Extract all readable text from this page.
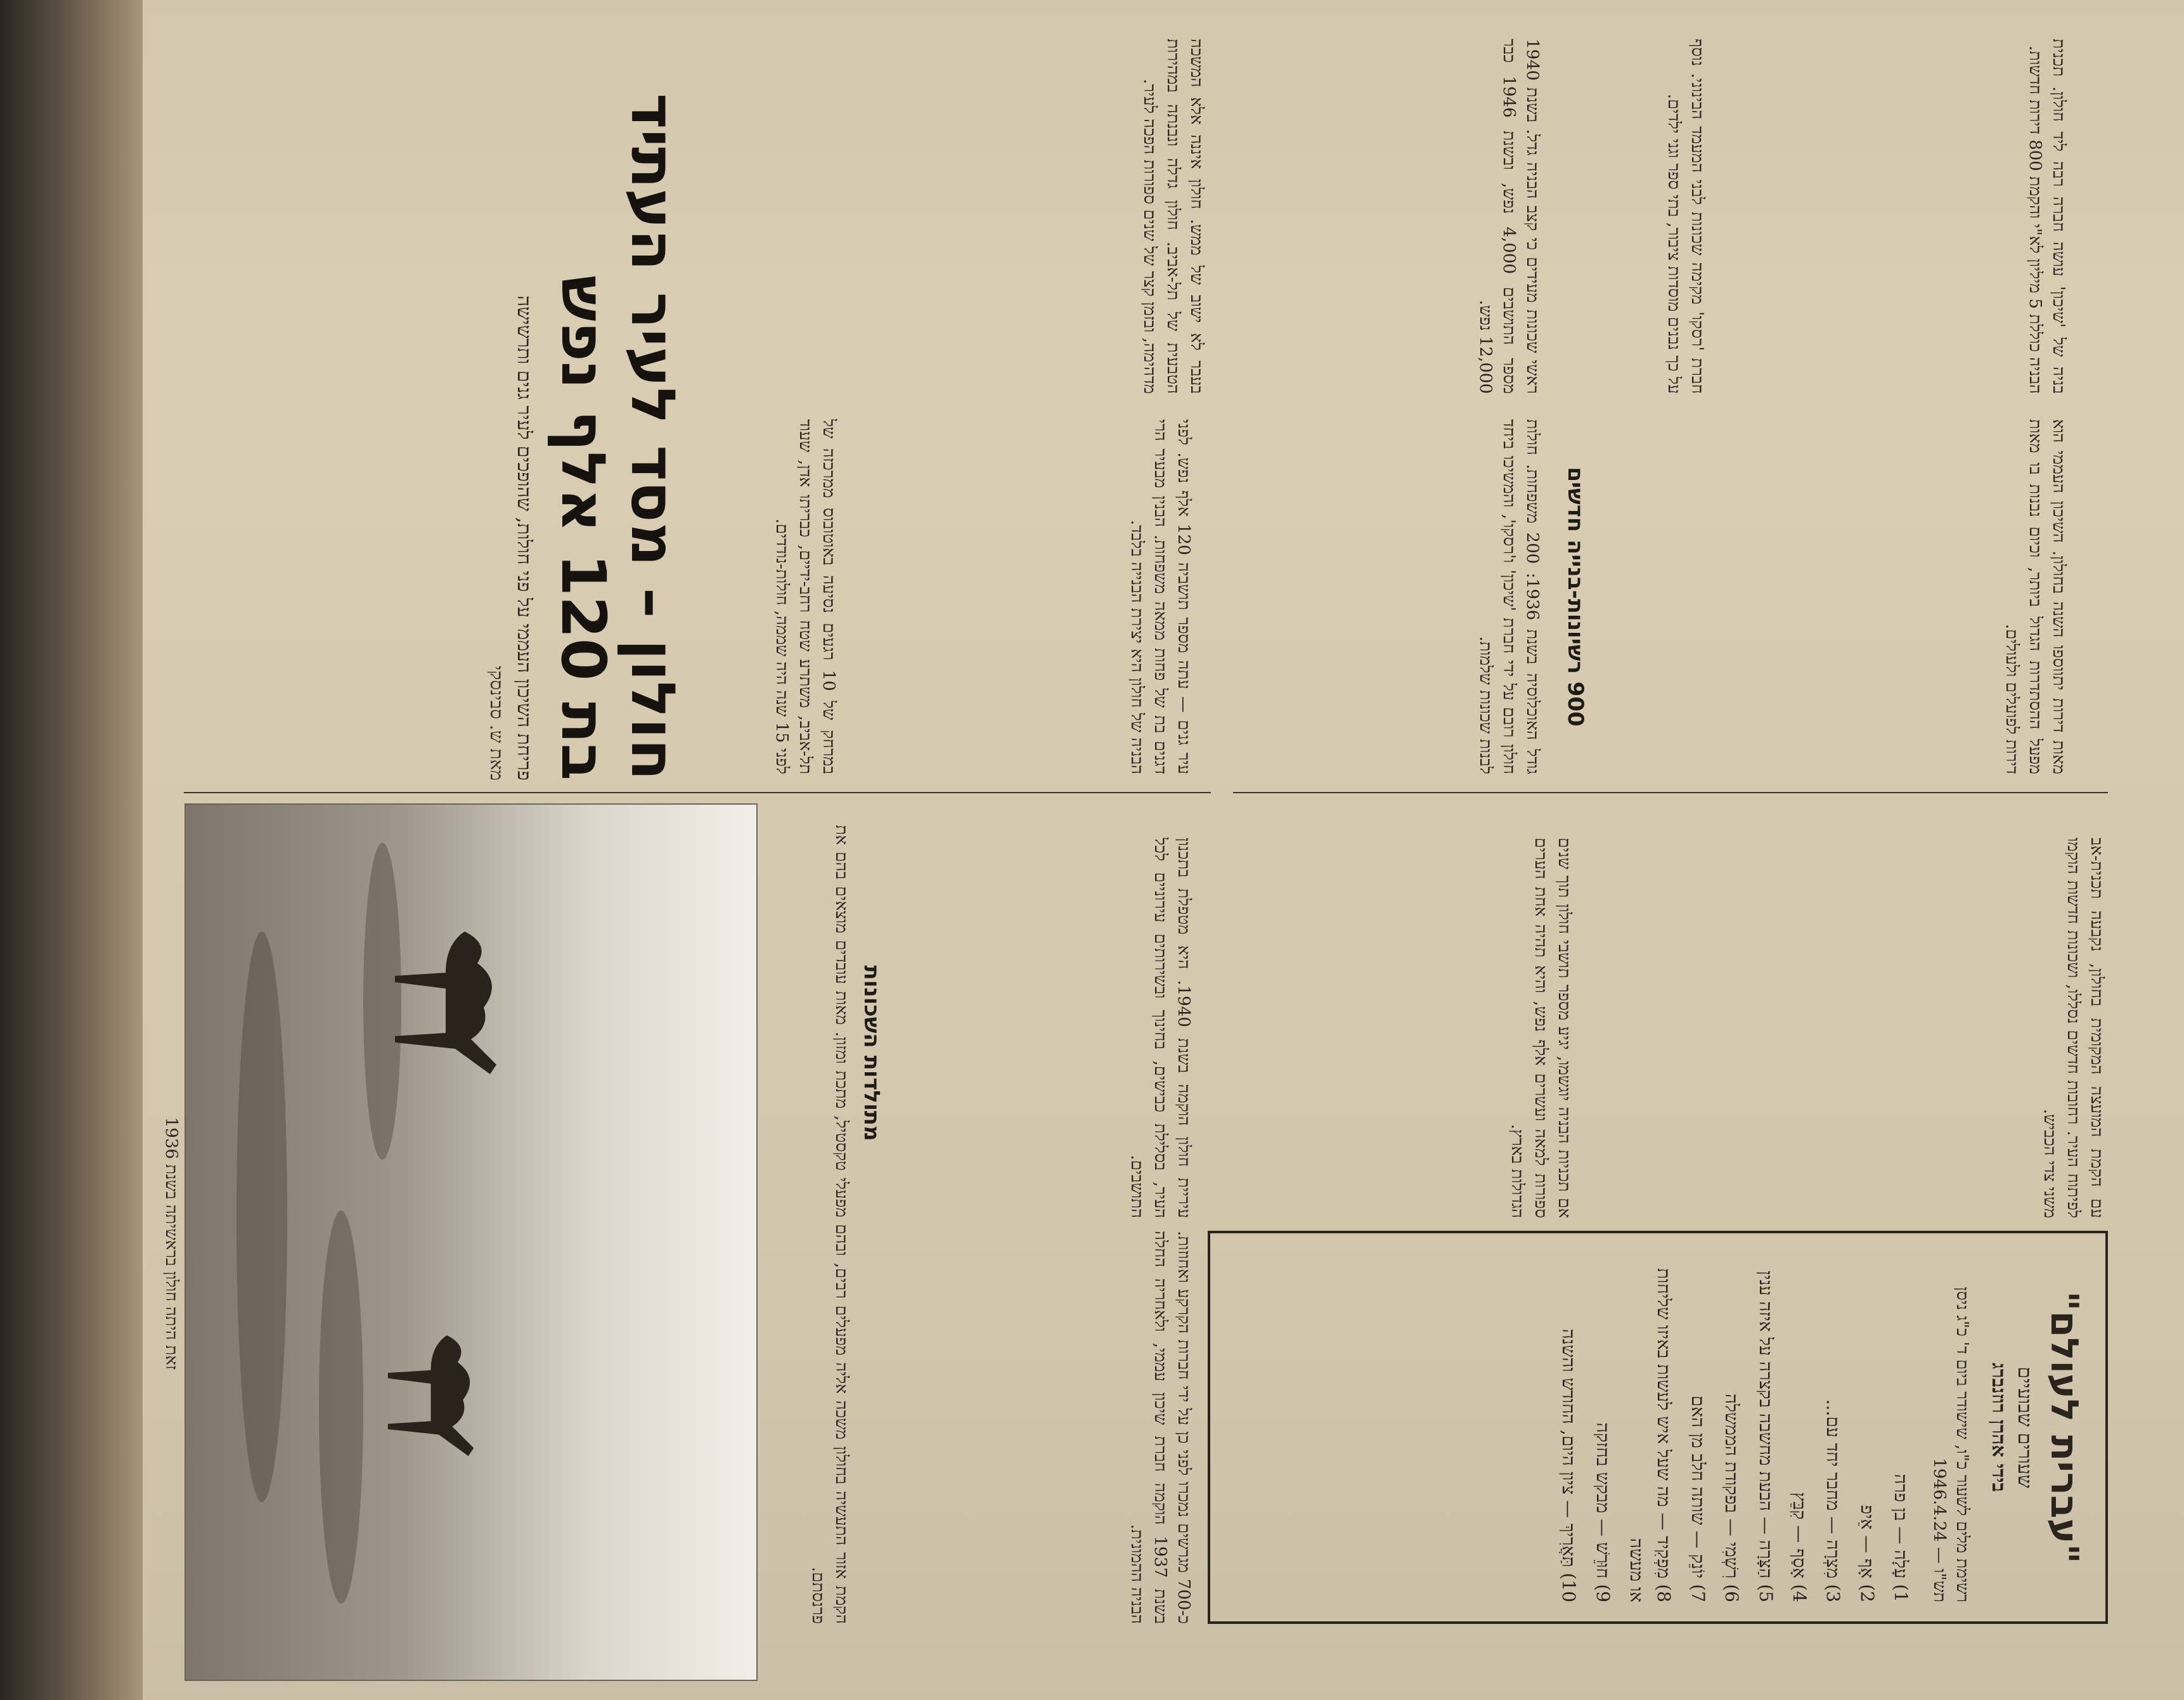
חולון – מסד לעיר העתיד
בת 120 אלף נפש
פריחת השיכון העממי על פני חולות, שהופכים לעיר גנים ותרשישה
מאת ש. סבינסקי

במרחק של 10 רגעים נסיעה באוטובוס ממרכזה של תל-אביב, משתרע שטח רחב-ידיים, כבריתו אדן, שעוד לפני 15 שנה היה שממה, חולות-נודדים.

עיר גנים — עתה מספר תושביה 120 אלף נפש. לפני דגנים בת של פחות ממאה משפחות. הבנין מבעיר הרי הבניה של חולון היא יצירת הבנייה בלבד.

בעבר לא ישוב של ממש. חולון איננה אלא המשכה הטבעית של תל-אביב. חולון גדלה ונבנתה במהירות מדהימה, ובזמן קצר של שנים ספורות הפכה לעיר.

גודל האוכלוסיה בשנת 1936: 200 משפחות. חולות חולון רובם על ידי חברת 'שיכון' ו'רסקו', והמשיכו ביחד לבנות שכונות שלמות.

ראשי שכונות מעידים כי קצב הבניה גדל. בשנת 1940 מספר התושבים 4,000 נפש, ובשנת 1946 כבר 12,000 נפש.

מאות דירות יתווספו השנה בחולון. השיכון העממי הוא מפעל ההסתדרות הגדול ביותר, וכיום נבנות בו מאות דירות לפועלים ולעולים.

בניה של 'שיכון' עושה חברה רבה ליד חולון. תכנית הבניה כוללת 5 מיליון לא"י והקמת 800 דירות חדשות.

חברת 'רסקו' מקימה שכונות לבני המעמד הבינוני. נוסף על כך נבנים מוסדות ציבור, בתי ספר וגני ילדים.

מתולדות השכונות
900 רשיונות-בנייה חדשים
זאת היתה חולון בראשיתה בשנת 1936
"עברית לעולם"
שעורים שבועיים
בידי אהרן רוזנברג
רשימת מלים לשעור כ"ו, שישודר ביום ד' כ"ג ניסן תש"ו — 1946.4.24
1) עָלָה — בן פרה
2) אָף — אֵיפ
3) מִצְרָה — מחבר יחד עם...
4) אָסַף — קִבֵּץ
5) הַצָּרָה — הבעת מחשבה בקצרה על איזה ענין
6) רִשְׁמִי — בפקודת הממשלה
7) יוֹנֵק — שותה חלב מן האם
8) מִפְקִיד — מה שעל איש לעשות באיזו שליחות או מעשה
9) חוּרֵשׁ — מבקש בחזקה
10) תַּאֲרִיךְ — ציון היום, החודש והשנה
כ-700 מגרשים נמכרו לפני כן על ידי חברות הקרקע ואחוזות. בשנת 1937 הוקמה חברת שיכון עממי, ולאחריה החלה הבניה ההמונית.
עיריית חולון הוקמה בשנת 1940. היא מטפלת בתכנון העיר, בסלילת כבישים, בחינוך ובשירותים עירוניים לכל התושבים.
הקמת אזור התעשיה בחולון משכה אליה מפעלים רבים, ובהם מפעלי טקסטיל, מתכת ומזון. מאות עובדים מוצאים בהם את פרנסתם.
עם הקמת המועצה המקומית בחולון, נקבעה תכנית-אב לפיתוח העיר. רחובות חדשים נסללו, ושכונות חדשות הוקמו משני צדי הכביש.
אם תכניות הבניה יוגשמו, יגיע מספר תושבי חולון תוך שנים ספורות למאה ועשרים אלף נפש, והיא תהיה אחת הערים הגדולות בארץ.
